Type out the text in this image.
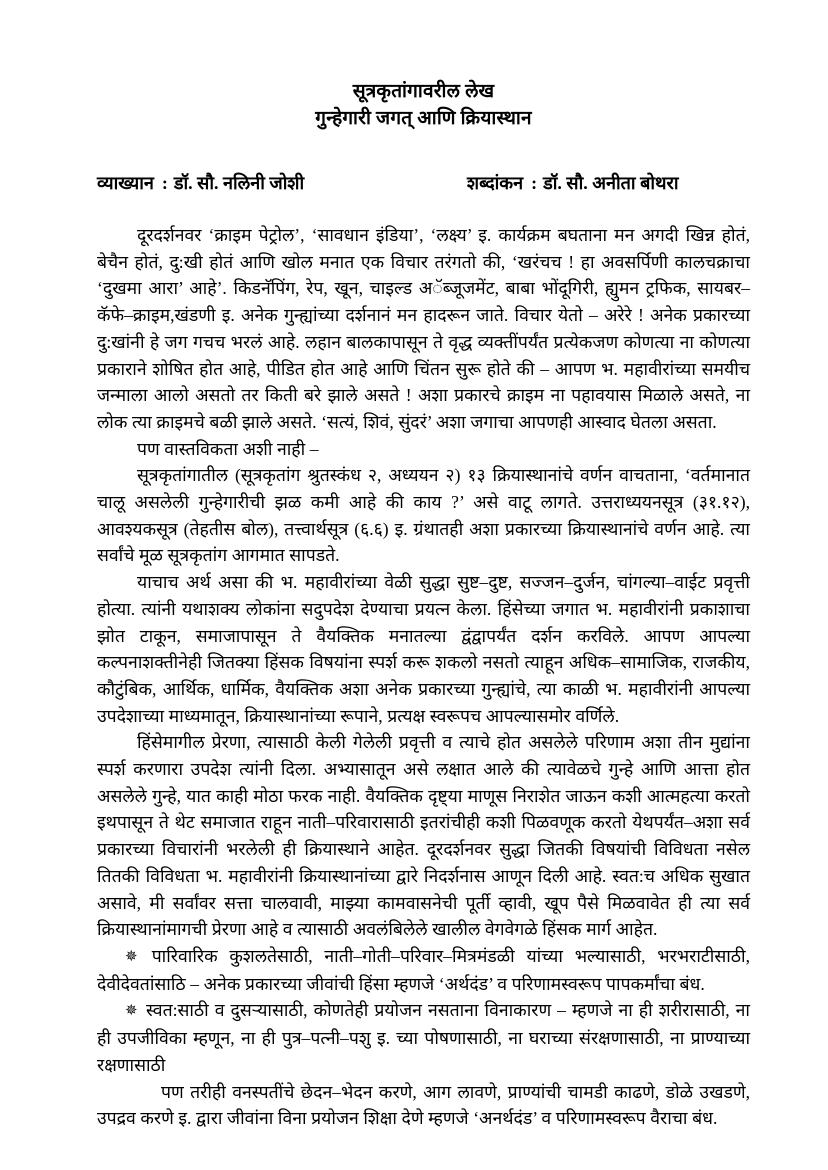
सूत्रकृतांगावरील लेख
गुन्हेगारी जगत् आणि क्रियास्थान
व्याख्यान : डॉ. सौ. नलिनी जोशी	शब्दांकन : डॉ. सौ. अनीता बोथरा

दूरदर्शनवर ‘क्राइम पेट्रोल’, ‘सावधान इंडिया’, ‘लक्ष्य’ इ. कार्यक्रम बघताना मन अगदी खिन्न होतं, बेचैन होतं, दु:खी होतं आणि खोल मनात एक विचार तरंगतो की, ‘खरंचच ! हा अवसर्पिणी कालचक्राचा ‘दुखमा आरा’ आहे’. किडनॅपिंग, रेप, खून, चाइल्ड अॅब्जूजमेंट, बाबा भोंदूगिरी, ह्युमन ट्रफिक, सायबर–कॅफे–क्राइम,खंडणी इ. अनेक गुन्ह्यांच्या दर्शनानं मन हादरून जाते. विचार येतो – अरेरे ! अनेक प्रकारच्या दु:खांनी हे जग गचच भरलं आहे. लहान बालकापासून ते वृद्ध व्यक्तींपर्यंत प्रत्येकजण कोणत्या ना कोणत्या प्रकाराने शोषित होत आहे, पीडित होत आहे आणि चिंतन सुरू होते की – आपण भ. महावीरांच्या समयीच जन्माला आलो असतो तर किती बरे झाले असते ! अशा प्रकारचे क्राइम ना पहावयास मिळाले असते, ना लोक त्या क्राइमचे बळी झाले असते. ‘सत्यं, शिवं, सुंदरं’ अशा जगाचा आपणही आस्वाद घेतला असता.

पण वास्तविकता अशी नाही –

सूत्रकृतांगातील (सूत्रकृतांग श्रुतस्कंध २, अध्ययन २) १३ क्रियास्थानांचे वर्णन वाचताना, ‘वर्तमानात चालू असलेली गुन्हेगारीची झळ कमी आहे की काय ?’ असे वाटू लागते. उत्तराध्ययनसूत्र (३१.१२), आवश्यकसूत्र (तेहतीस बोल), तत्त्वार्थसूत्र (६.६) इ. ग्रंथातही अशा प्रकारच्या क्रियास्थानांचे वर्णन आहे. त्या सर्वांचे मूळ सूत्रकृतांग आगमात सापडते.

याचाच अर्थ असा की भ. महावीरांच्या वेळी सुद्धा सुष्ट–दुष्ट, सज्जन–दुर्जन, चांगल्या–वाईट प्रवृत्ती होत्या. त्यांनी यथाशक्य लोकांना सदुपदेश देण्याचा प्रयत्न केला. हिंसेच्या जगात भ. महावीरांनी प्रकाशाचा झोत टाकून, समाजापासून ते वैयक्तिक मनातल्या द्वंद्वापर्यंत दर्शन करविले. आपण आपल्या कल्पनाशक्तीनेही जितक्या हिंसक विषयांना स्पर्श करू शकलो नसतो त्याहून अधिक–सामाजिक, राजकीय, कौटुंबिक, आर्थिक, धार्मिक, वैयक्तिक अशा अनेक प्रकारच्या गुन्ह्यांचे, त्या काळी भ. महावीरांनी आपल्या उपदेशाच्या माध्यमातून, क्रियास्थानांच्या रूपाने, प्रत्यक्ष स्वरूपच आपल्यासमोर वर्णिले.

हिंसेमागील प्रेरणा, त्यासाठी केली गेलेली प्रवृत्ती व त्याचे होत असलेले परिणाम अशा तीन मुद्यांना स्पर्श करणारा उपदेश त्यांनी दिला. अभ्यासातून असे लक्षात आले की त्यावेळचे गुन्हे आणि आत्ता होत असलेले गुन्हे, यात काही मोठा फरक नाही. वैयक्तिक दृष्ट्या माणूस निराशेत जाऊन कशी आत्महत्या करतो इथपासून ते थेट समाजात राहून नाती–परिवारासाठी इतरांचीही कशी पिळवणूक करतो येथपर्यंत–अशा सर्व प्रकारच्या विचारांनी भरलेली ही क्रियास्थाने आहेत. दूरदर्शनवर सुद्धा जितकी विषयांची विविधता नसेल तितकी विविधता भ. महावीरांनी क्रियास्थानांच्या द्वारे निदर्शनास आणून दिली आहे. स्वत:च अधिक सुखात असावे, मी सर्वांवर सत्ता चालवावी, माझ्या कामवासनेची पूर्ती व्हावी, खूप पैसे मिळवावेत ही त्या सर्व क्रियास्थानांमागची प्रेरणा आहे व त्यासाठी अवलंबिलेले खालील वेगवेगळे हिंसक मार्ग आहेत.

✵ पारिवारिक कुशलतेसाठी, नाती–गोती–परिवार–मित्रमंडळी यांच्या भल्यासाठी, भरभराटीसाठी, देवीदेवतांसाठि – अनेक प्रकारच्या जीवांची हिंसा म्हणजे ‘अर्थदंड’ व परिणामस्वरूप पापकर्मांचा बंध.

✵ स्वत:साठी व दुसऱ्यासाठी, कोणतेही प्रयोजन नसताना विनाकारण – म्हणजे ना ही शरीरासाठी, ना ही उपजीविका म्हणून, ना ही पुत्र–पत्नी–पशु इ. च्या पोषणासाठी, ना घराच्या संरक्षणासाठी, ना प्राण्याच्या रक्षणासाठी

पण तरीही वनस्पतींचे छेदन–भेदन करणे, आग लावणे, प्राण्यांची चामडी काढणे, डोळे उखडणे, उपद्रव करणे इ. द्वारा जीवांना विना प्रयोजन शिक्षा देणे म्हणजे ‘अनर्थदंड’ व परिणामस्वरूप वैराचा बंध.
